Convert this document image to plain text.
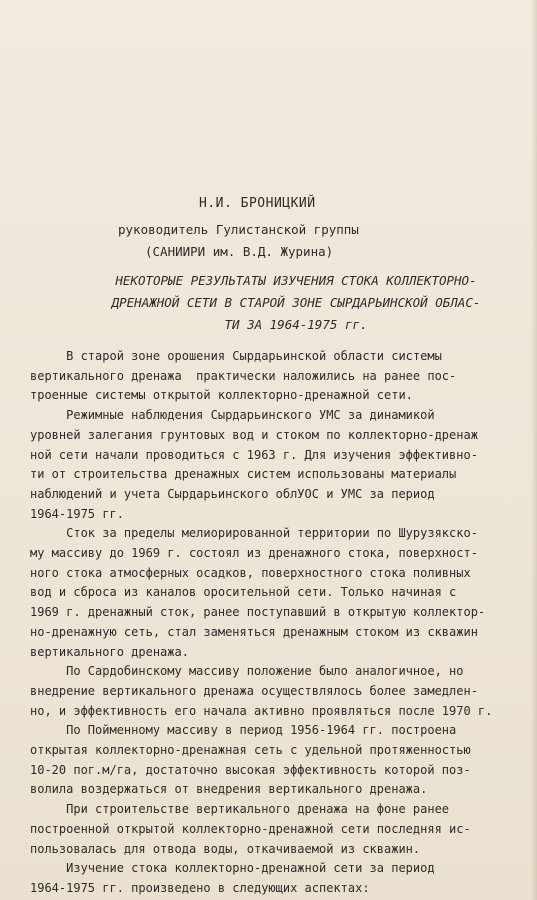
Н.И. БРОНИЦКИЙ
руководитель Гулистанской группы
(САНИИРИ им. В.Д. Журина)
НЕКОТОРЫЕ РЕЗУЛЬТАТЫ ИЗУЧЕНИЯ СТОКА КОЛЛЕКТОРНО-
ДРЕНАЖНОЙ СЕТИ В СТАРОЙ ЗОНЕ СЫРДАРЬИНСКОЙ ОБЛАС-
ТИ ЗА 1964-1975 гг.
В старой зоне орошения Сырдарьинской области системы
вертикального дренажа  практически наложились на ранее пос-
троенные системы открытой коллекторно-дренажной сети.
Режимные наблюдения Сырдарьинского УМС за динамикой
уровней залегания грунтовых вод и стоком по коллекторно-дренаж
ной сети начали проводиться с 1963 г. Для изучения эффективно-
ти от строительства дренажных систем использованы материалы
наблюдений и учета Сырдарьинского облУОС и УМС за период
1964-1975 гг.
Сток за пределы мелиорированной территории по Шурузякско-
му массиву до 1969 г. состоял из дренажного стока, поверхност-
ного стока атмосферных осадков, поверхностного стока поливных
вод и сброса из каналов оросительной сети. Только начиная с
1969 г. дренажный сток, ранее поступавший в открытую коллектор-
но-дренажную сеть, стал заменяться дренажным стоком из скважин
вертикального дренажа.
По Сардобинскому массиву положение было аналогичное, но
внедрение вертикального дренажа осуществлялось более замедлен-
но, и эффективность его начала активно проявляться после 1970 г.
По Пойменному массиву в период 1956-1964 гг. построена
открытая коллекторно-дренажная сеть с удельной протяженностью
10-20 пог.м/га, достаточно высокая эффективность которой поз-
волила воздержаться от внедрения вертикального дренажа.
При строительстве вертикального дренажа на фоне ранее
построенной открытой коллекторно-дренажной сети последняя ис-
пользовалась для отвода воды, откачиваемой из скважин.
Изучение стока коллекторно-дренажной сети за период
1964-1975 гг. произведено в следующих аспектах:
